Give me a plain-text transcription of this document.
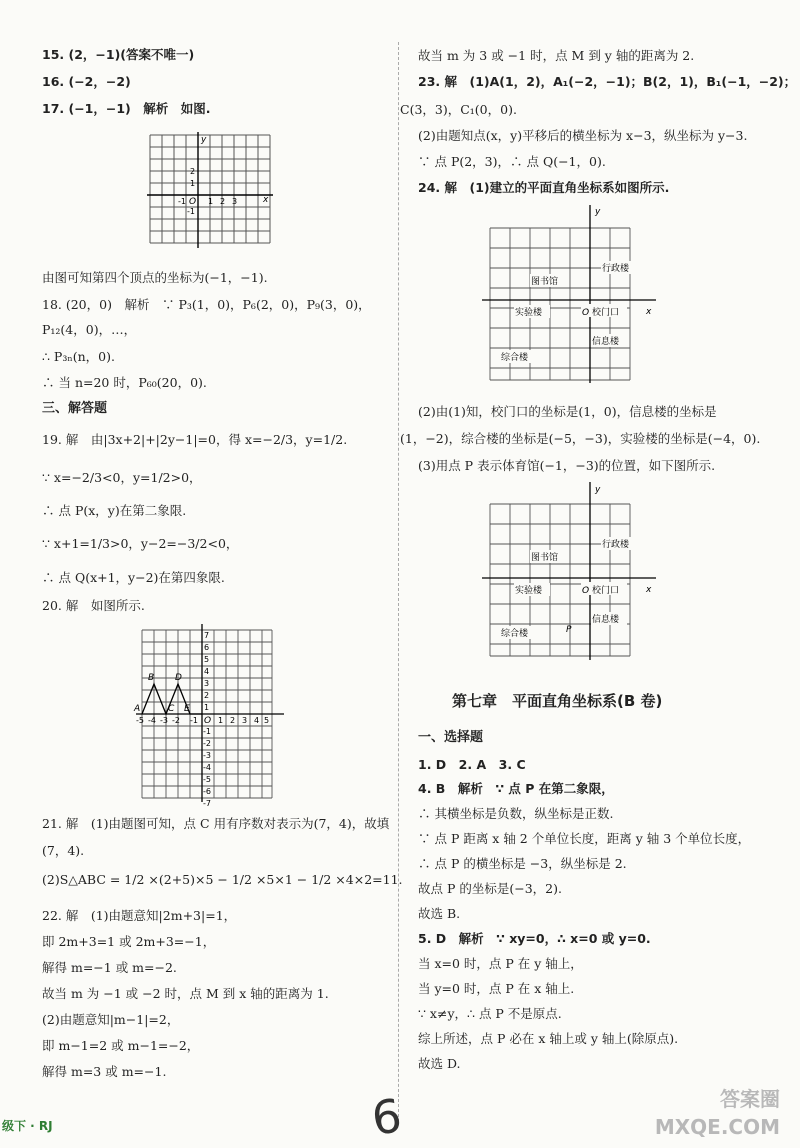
15. (2，−1)(答案不唯一)
16. (−2，−2)
17. (−1，−1)　解析　如图.
y
x
O
-1	1 2 3
2
1
-1
由图可知第四个顶点的坐标为(−1，−1).
18. (20，0)　解析　∵ P₃(1，0)，P₆(2，0)，P₉(3，0)，
P₁₂(4，0)，…，
∴ P₃ₙ(n，0).
∴ 当 n=20 时，P₆₀(20，0).
三、解答题
19. 解　由|3x+2|+|2y−1|=0，得 x=−2/3，y=1/2.
∵ x=−2/3<0，y=1/2>0，
∴ 点 P(x，y)在第二象限.
∵ x+1=1/3>0，y−2=−3/2<0，
∴ 点 Q(x+1，y−2)在第四象限.
20. 解　如图所示.
A
B
C
D
E
O
-5 -4 -3 -2 -1	1 2 3 4 5
7
6
5
4
3
2
1
-1
-2
-3
-4
-5
-6
-7
21. 解　(1)由题图可知，点 C 用有序数对表示为(7，4)，故填
(7，4).
(2)S△ABC = 1/2 ×(2+5)×5 − 1/2 ×5×1 − 1/2 ×4×2=11.
22. 解　(1)由题意知|2m+3|=1，
即 2m+3=1 或 2m+3=−1，
解得 m=−1 或 m=−2.
故当 m 为 −1 或 −2 时，点 M 到 x 轴的距离为 1.
(2)由题意知|m−1|=2，
即 m−1=2 或 m−1=−2，
解得 m=3 或 m=−1.
故当 m 为 3 或 −1 时，点 M 到 y 轴的距离为 2.
23. 解　(1)A(1，2)，A₁(−2，−1)；B(2，1)，B₁(−1，−2)；
C(3，3)，C₁(0，0).
(2)由题知点(x，y)平移后的横坐标为 x−3，纵坐标为 y−3.
∵ 点 P(2，3)，∴ 点 Q(−1，0).
24. 解　(1)建立的平面直角坐标系如图所示.
y
x
图书馆
行政楼
实验楼	O 校门口
信息楼
综合楼
(2)由(1)知，校门口的坐标是(1，0)，信息楼的坐标是
(1，−2)，综合楼的坐标是(−5，−3)，实验楼的坐标是(−4，0).
(3)用点 P 表示体育馆(−1，−3)的位置，如下图所示.
y
x
图书馆
行政楼
实验楼	O 校门口
信息楼
综合楼	P
第七章　平面直角坐标系(B 卷)
一、选择题
1. D　2. A　3. C
4. B　解析　∵ 点 P 在第二象限，
∴ 其横坐标是负数，纵坐标是正数.
∵ 点 P 距离 x 轴 2 个单位长度，距离 y 轴 3 个单位长度，
∴ 点 P 的横坐标是 −3，纵坐标是 2.
故点 P 的坐标是(−3，2).
故选 B.
5. D　解析　∵ xy=0，∴ x=0 或 y=0.
当 x=0 时，点 P 在 y 轴上，
当 y=0 时，点 P 在 x 轴上.
∵ x≠y，∴ 点 P 不是原点.
综上所述，点 P 必在 x 轴上或 y 轴上(除原点).
故选 D.
级下 · RJ	6	答案圈
MXQE.COM
